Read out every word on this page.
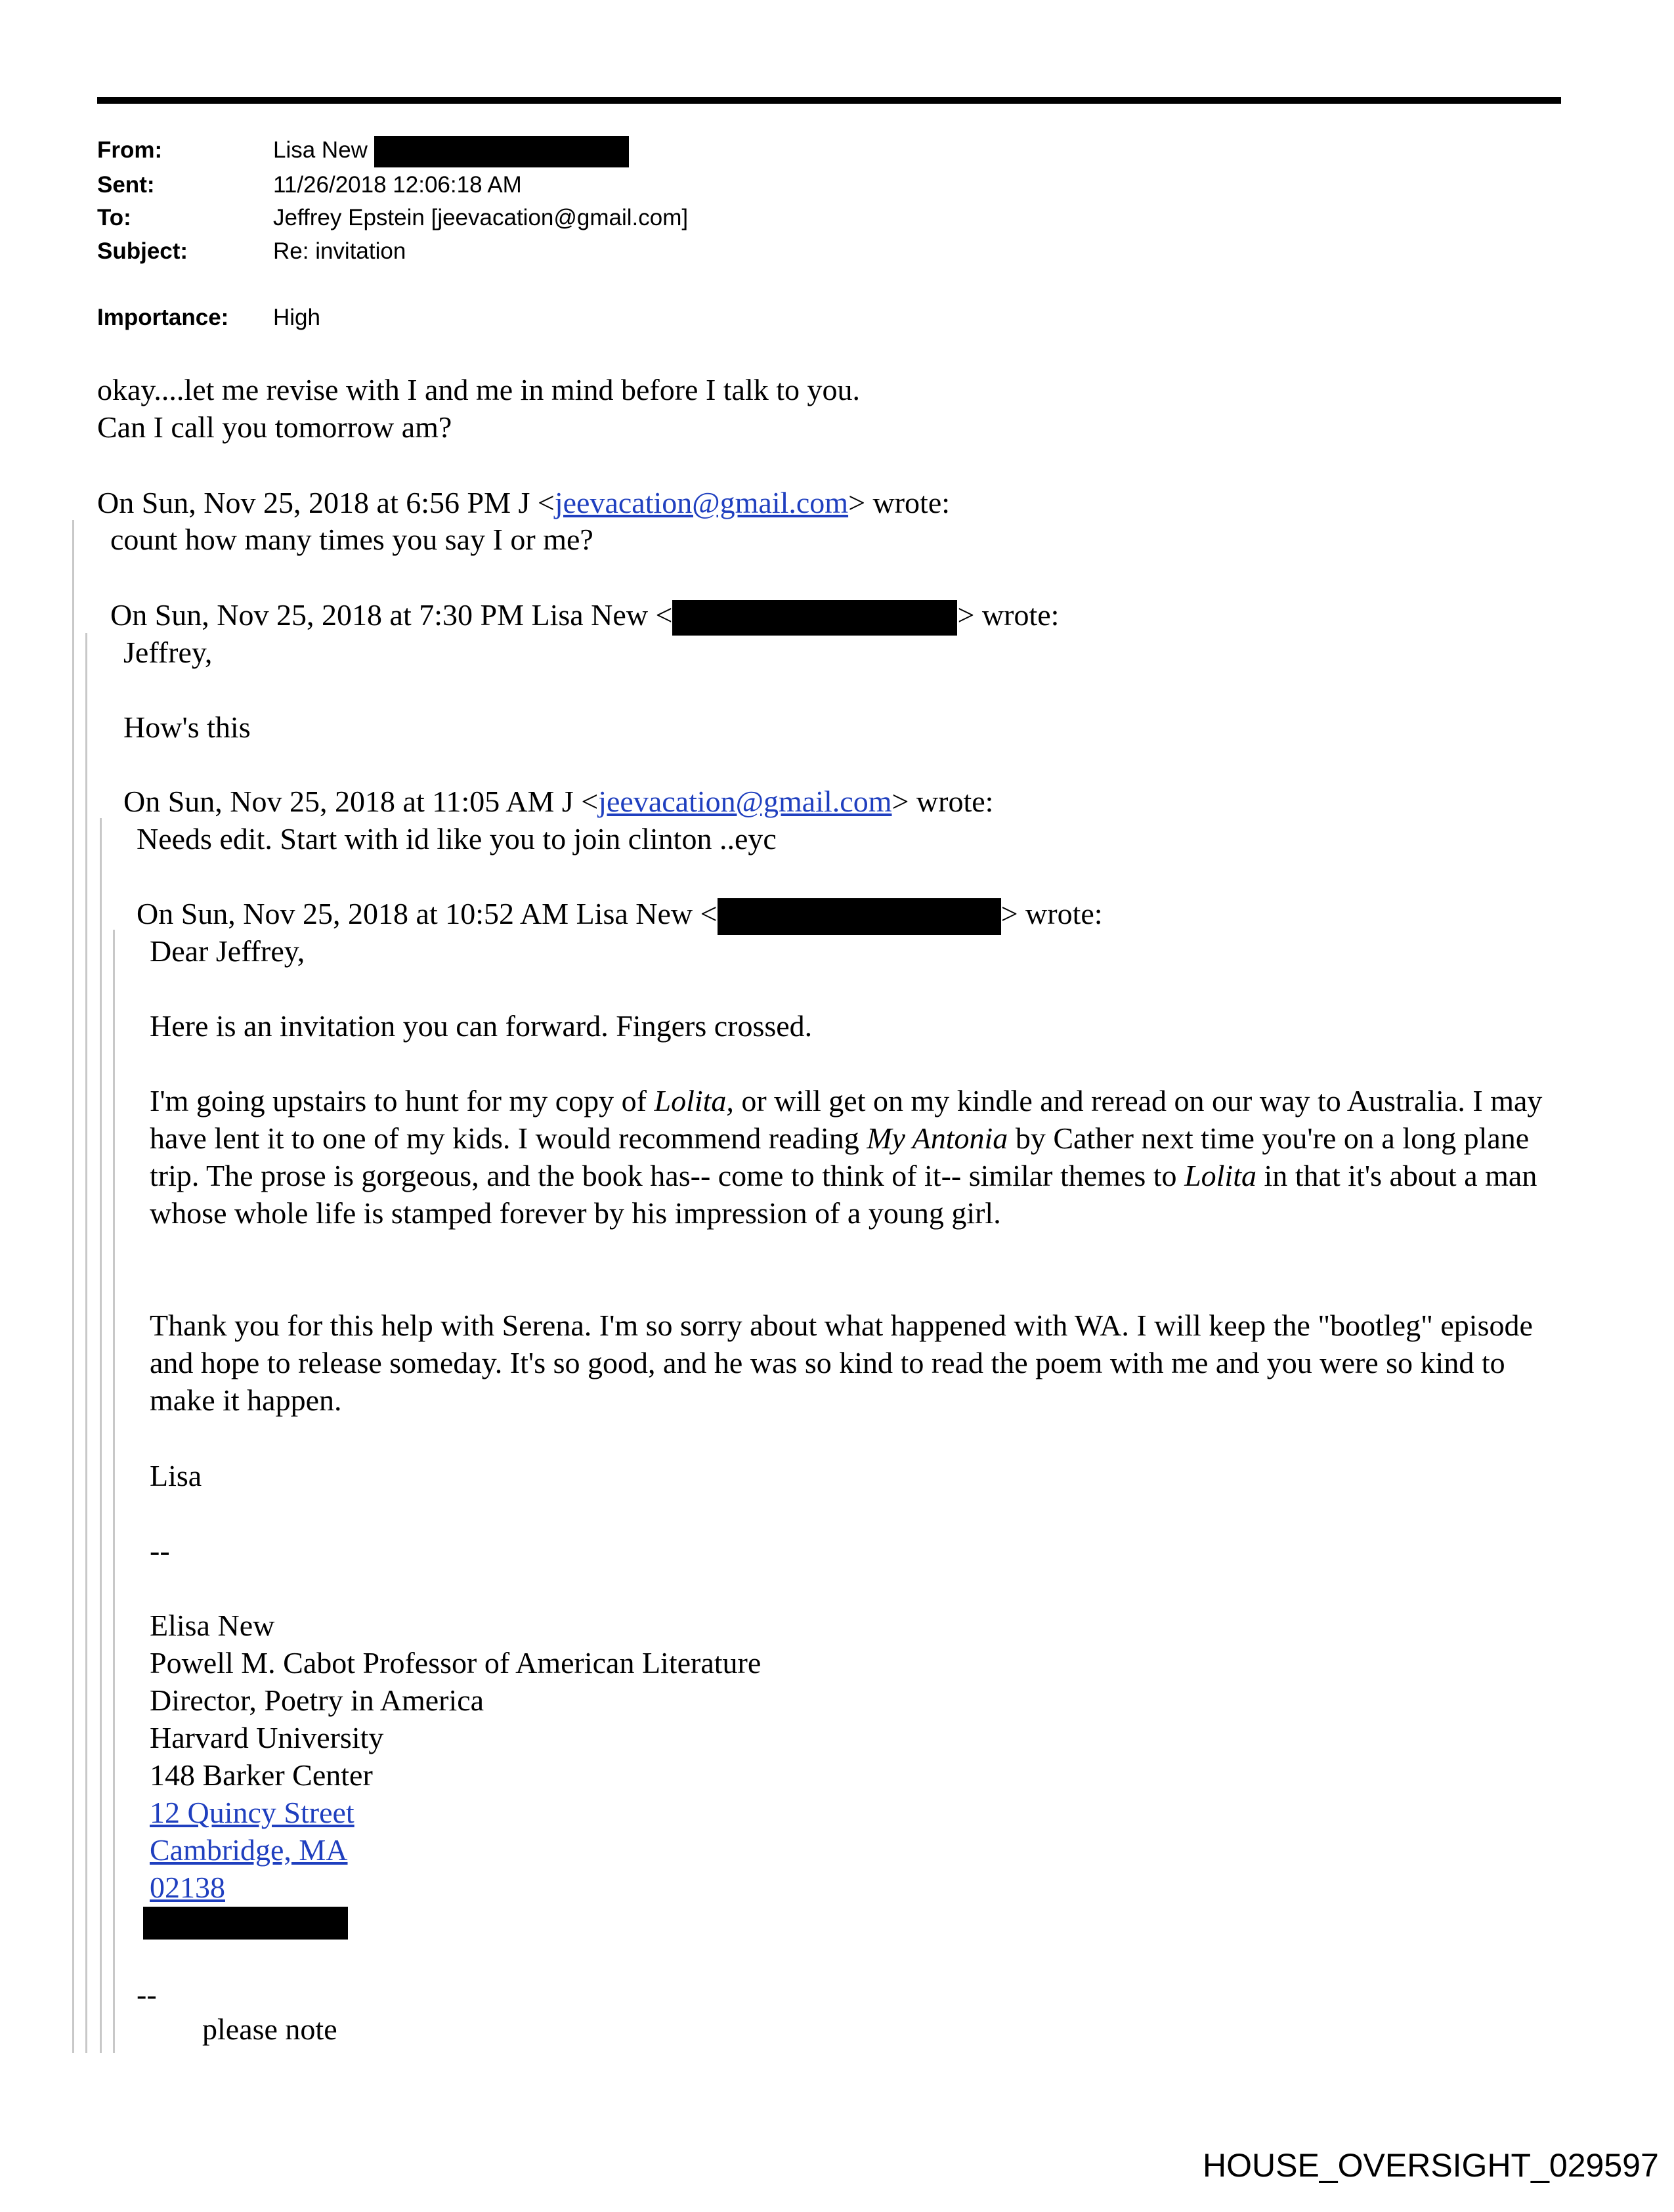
From:	Lisa New
Sent:	11/26/2018 12:06:18 AM
To:	Jeffrey Epstein [jeevacation@gmail.com]
Subject:	Re: invitation
Importance: High
okay....let me revise with I and me in mind before I talk to you.
Can I call you tomorrow am?
On Sun, Nov 25, 2018 at 6:56 PM J <jeevacation@gmail.com> wrote:
count how many times you say I or me?
On Sun, Nov 25, 2018 at 7:30 PM Lisa New <	> wrote:
Jeffrey,
How's this
On Sun, Nov 25, 2018 at 11:05 AM J <jeevacation@gmail.com> wrote:
Needs edit. Start with id like you to join clinton ..eyc
On Sun, Nov 25, 2018 at 10:52 AM Lisa New <	> wrote:
Dear Jeffrey,
Here is an invitation you can forward. Fingers crossed.
I'm going upstairs to hunt for my copy of Lolita, or will get on my kindle and reread on our way to Australia. I may have lent it to one of my kids. I would recommend reading My Antonia by Cather next time you're on a long plane trip. The prose is gorgeous, and the book has-- come to think of it-- similar themes to Lolita in that it's about a man whose whole life is stamped forever by his impression of a young girl.
Thank you for this help with Serena. I'm so sorry about what happened with WA. I will keep the "bootleg" episode and hope to release someday. It's so good, and he was so kind to read the poem with me and you were so kind to make it happen.
Lisa
--
Elisa New
Powell M. Cabot Professor of American Literature
Director, Poetry in America
Harvard University
148 Barker Center
12 Quincy Street
Cambridge, MA
02138
--
please note
HOUSE_OVERSIGHT_029597
